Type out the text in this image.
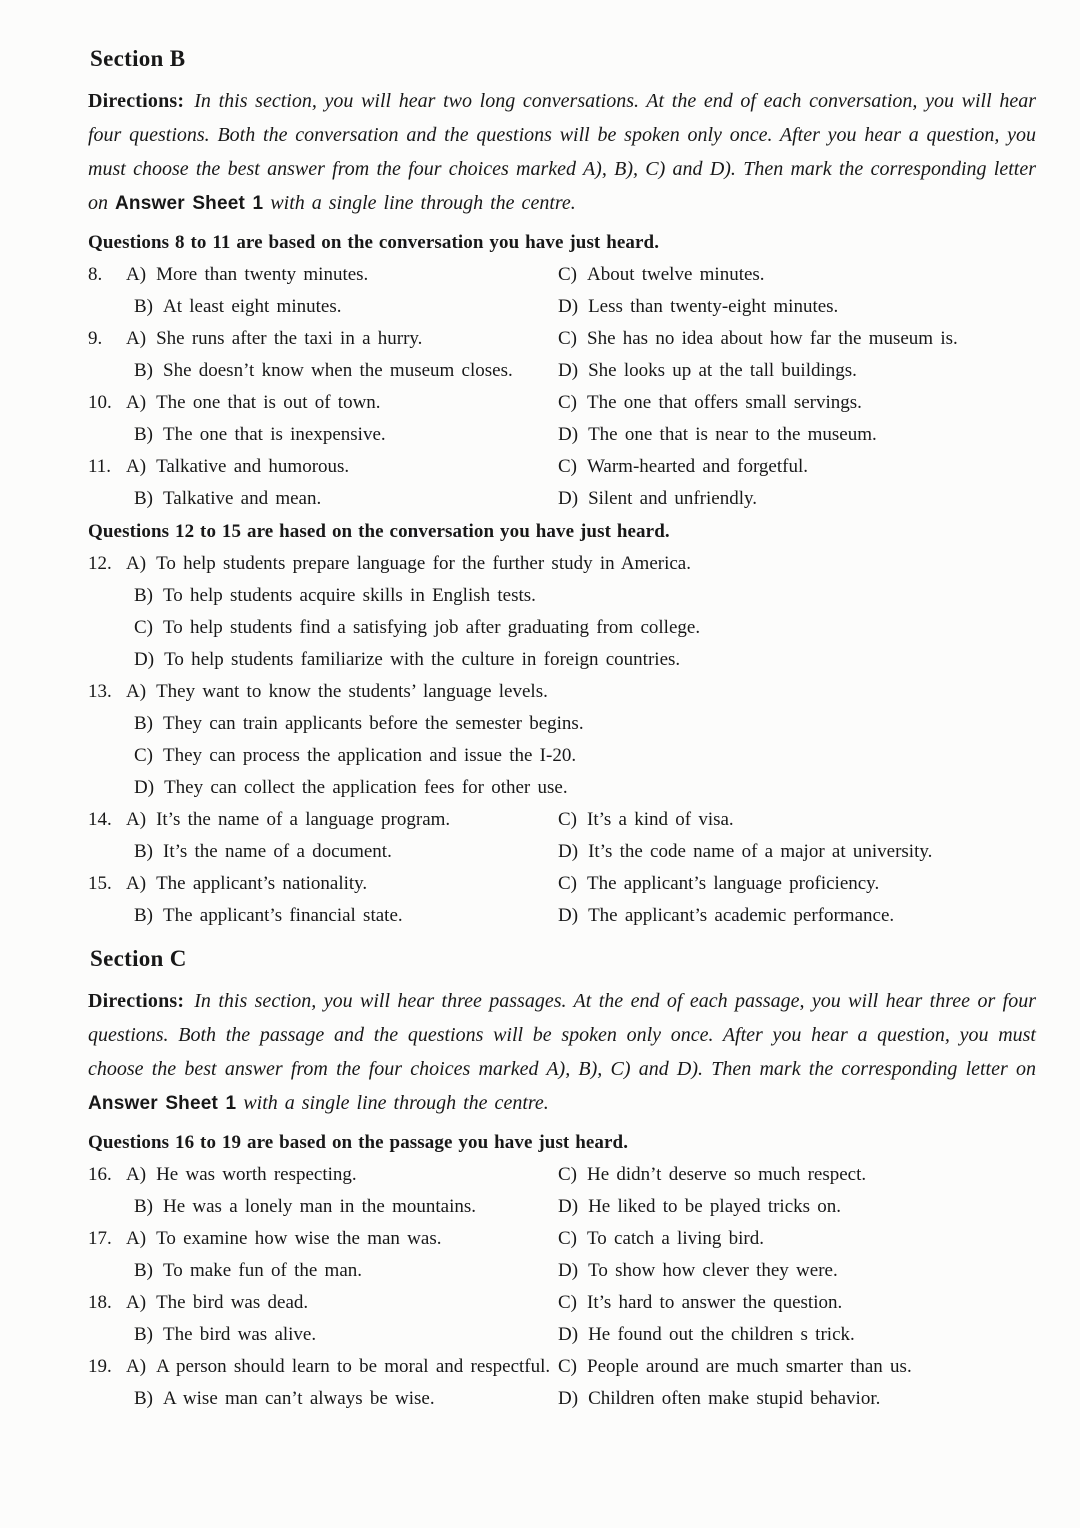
Section B

Directions: In this section, you will hear two long conversations. At the end of each conversation, you will hear four questions. Both the conversation and the questions will be spoken only once. After you hear a question, you must choose the best answer from the four choices marked A), B), C) and D). Then mark the corresponding letter on Answer Sheet 1 with a single line through the centre.

Questions 8 to 11 are based on the conversation you have just heard.

8.	A) More than twenty minutes.	C) About twelve minutes.
B) At least eight minutes.	D) Less than twenty-eight minutes.
9.	A) She runs after the taxi in a hurry.	C) She has no idea about how far the museum is.
B) She doesn’t know when the museum closes. D) She looks up at the tall buildings.
10. A) The one that is out of town.	C) The one that offers small servings.
B) The one that is inexpensive.	D) The one that is near to the museum.
11. A) Talkative and humorous.	C) Warm-hearted and forgetful.
B) Talkative and mean.	D) Silent and unfriendly.

Questions 12 to 15 are hased on the conversation you have just heard.

12. A) To help students prepare language for the further study in America.
B) To help students acquire skills in English tests.
C) To help students find a satisfying job after graduating from college.
D) To help students familiarize with the culture in foreign countries.
13. A) They want to know the students’ language levels.
B) They can train applicants before the semester begins.
C) They can process the application and issue the I-20.
D) They can collect the application fees for other use.
14. A) It’s the name of a language program.	C) It’s a kind of visa.
B) It’s the name of a document.	D) It’s the code name of a major at university.
15. A) The applicant’s nationality.	C) The applicant’s language proficiency.
B) The applicant’s financial state.	D) The applicant’s academic performance.
Section C

Directions: In this section, you will hear three passages. At the end of each passage, you will hear three or four questions. Both the passage and the questions will be spoken only once. After you hear a question, you must choose the best answer from the four choices marked A), B), C) and D). Then mark the corresponding letter on Answer Sheet 1 with a single line through the centre.

Questions 16 to 19 are based on the passage you have just heard.

16. A) He was worth respecting.	C) He didn’t deserve so much respect.
B) He was a lonely man in the mountains.	D) He liked to be played tricks on.
17. A) To examine how wise the man was.	C) To catch a living bird.
B) To make fun of the man.	D) To show how clever they were.
18. A) The bird was dead.	C) It’s hard to answer the question.
B) The bird was alive.	D) He found out the children s trick.
19. A) A person should learn to be moral and respectful. C) People around are much smarter than us.
B) A wise man can’t always be wise.	D) Children often make stupid behavior.
